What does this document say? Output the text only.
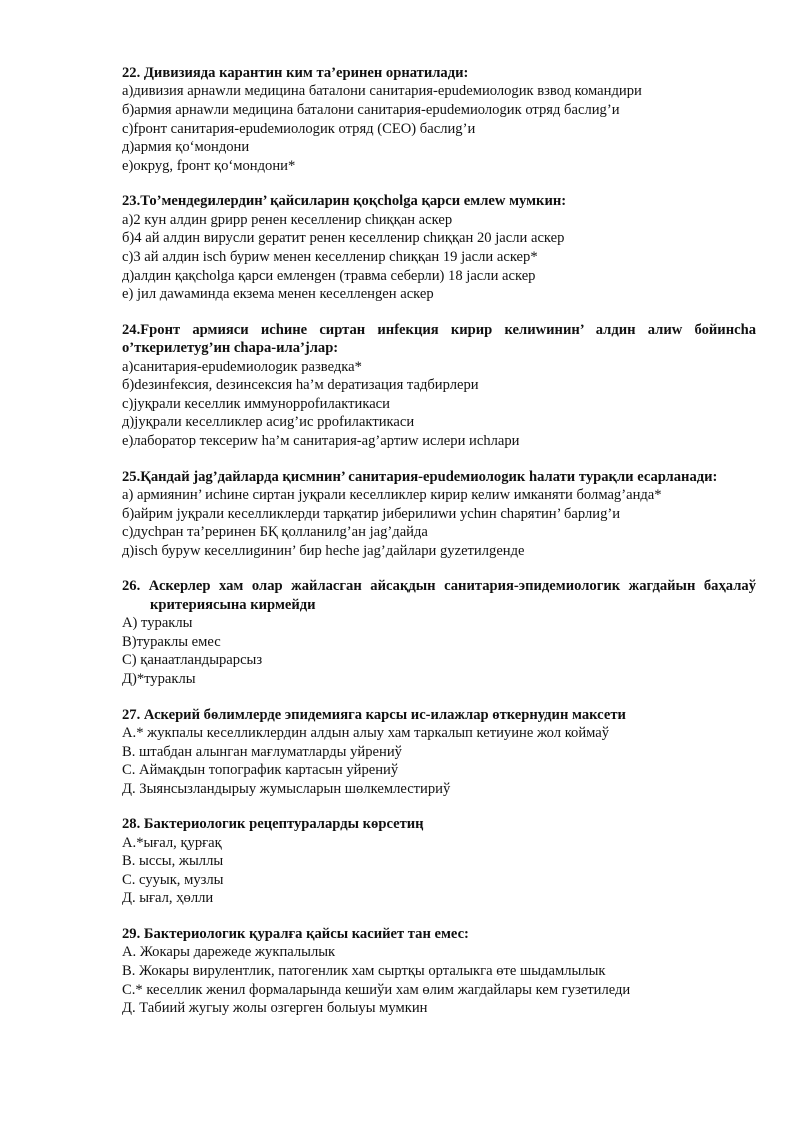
22. Дивизияда карантин ким та’еринен орнатилади:

а)дивизия арнаwли медицина баталони санитария-ерudeмиолоgик взвод командири
б)армия арнаwли медицина баталони санитария-ерudeмиолоgик отряд баслиg’и
с)fронт санитария-ерudeмиолоgик отряд (СЕО) баслиg’и
д)армия қо‘мондони
е)окруg, fронт қо‘мондони*

23.То’мендеgилердин’ қайсиларин қоқсholgа қарси емлеw мумкин:

а)2 кун алдин gрирр ренен кеселленир chиққан аскер
б)4 ай алдин вирусли gератит ренен кеселленир chиққан 20 jасли аскер
с)3 ай алдин isch буриw менен кеселленир chиққан 19 jасли аскер*
д)алдин қақсholgа қарси емленgен (травма себерли) 18 jасли аскер
е) jил даwаминда екзема менен кеселленgен аскер

24.Fронт армияси исhине сиртан инfекция кирир келиwинин’ алдин алиw бойинсhа о’ткерилетуg’ин chара-ила’jлар:

а)санитария-ерudeмиолоgик разведка*
б)dезинfексия, dезинсексия hа’м dератизация тадбирлери
с)jуқрали кеселлик иммунорроfилактикаси
д)jуқрали кеселликлер асиg’ис рроfилактикаси
е)лаборатор тексериw hа’м санитария-аg’артиw ислери исhлари

25.Қандай jаg’дайларда қисмнин’ санитария-ерudeмиолоgик hалати турақли есарланади:

а) армиянин’ исhине сиртан jуқрали кеселликлер кирир келиw имканяти болмаg’анда*
б)айрим jуқрали кеселликлерди тарқатир jиберилиwи усhин chарятин’ барлиg’и
с)дусhран та’реринен БҚ қолланилg’ан jаg’дайда
д)isch буруw кеселлиgинин’ бир heche jаg’дайлари gуzетилgенде

26. Аскерлер хам олар жайласган айсақдын санитария-эпидемиологик жагдайын баҳалаў критериясына кирмейди

А) тураклы
В)тураклы емес
С) қанаатландырарсыз
Д)*тураклы

27. Аскерий бөлимлерде эпидемияга карсы ис-илажлар өткернудин максети

А.* жукпалы кеселликлердин алдын алыу хам таркалып кетиуине жол коймаў
В. штабдан алынган мағлуматларды уйрениў
С. Аймақдын топографик картасын уйрениў
Д. Зыянсызландырыу жумысларын шөлкемлестириў

28. Бактериологик рецептураларды көрсетиң

А.*ығал, қурғақ
В. ыссы, жыллы
С. сууык, музлы
Д. ығал, ҳөлли

29. Бактериологик қуралға қайсы касийет тан емес:

А. Жокары дарежеде жукпалылык
В. Жокары вирулентлик, патогенлик хам сыртқы орталыкга өте шыдамлылык
С.* кеселлик женил формаларында кешиўи хам өлим жагдайлары кем гузетиледи
Д. Табиий жугыу жолы озгерген болыуы мумкин
